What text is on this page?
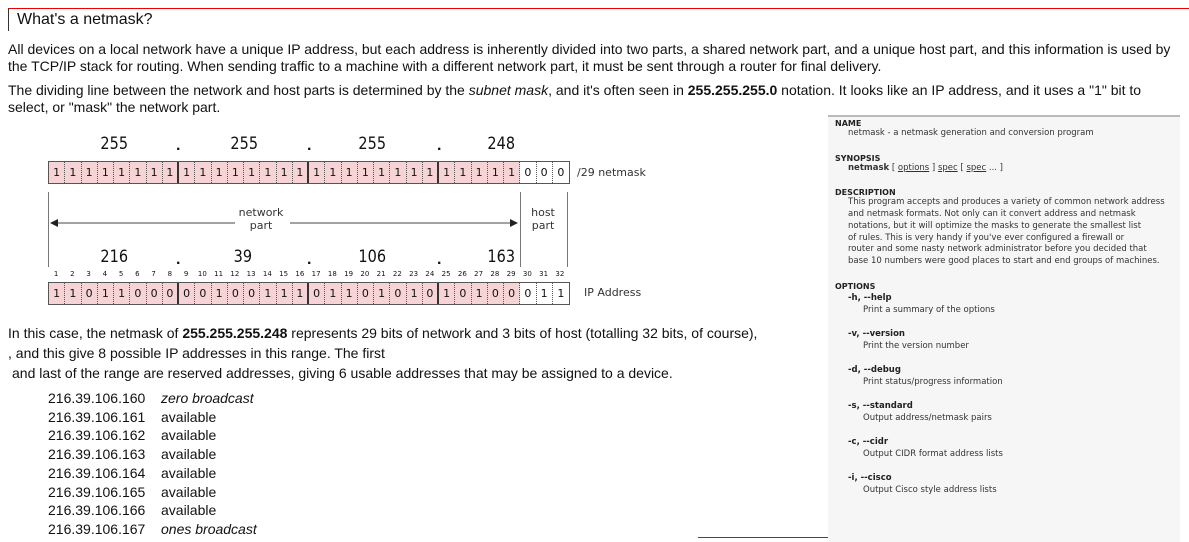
What's a netmask?
All devices on a local network have a unique IP address, but each address is inherently divided into two parts, a shared network part, and a unique host part, and this information is used by the TCP/IP stack for routing. When sending traffic to a machine with a different network part, it must be sent through a router for final delivery.
The dividing line between the network and host parts is determined by the subnet mask, and it's often seen in 255.255.255.0 notation. It looks like an IP address, and it uses a "1" bit to select, or "mask" the network part.
255	.	255	.	255	.	248
1 1 1 1 1 1 1 1 1 1 1 1 1 1 1 1 1 1 1 1 1 1 1 1 1 1 1 1 1 0 0 0	/29 netmask
network
part
host
part
216	.	39	.	106	.	163
1	2	3	4	5	6	7	8	9	10	11	12	13	14	15	16	17	18	19	20	21	22	23	24	25	26	27	28	29	30	31	32
1 1 0 1 1 0 0 0 0 0 1 0 0 1 1 1 0 1 1 0 1 0 1 0 1 0 1 0 0 0 1 1	IP Address
In this case, the netmask of 255.255.255.248 represents 29 bits of network and 3 bits of host (totalling 32 bits, of course),
, and this give 8 possible IP addresses in this range. The first
and last of the range are reserved addresses, giving 6 usable addresses that may be assigned to a device.
216.39.106.160 zero broadcast
216.39.106.161 available
216.39.106.162 available
216.39.106.163 available
216.39.106.164 available
216.39.106.165 available
216.39.106.166 available
216.39.106.167 ones broadcast
NAME
netmask - a netmask generation and conversion program
SYNOPSIS
netmask [ options ] spec [ spec ... ]
DESCRIPTION
This program accepts and produces a variety of common network address
and netmask formats. Not only can it convert address and netmask
notations, but it will optimize the masks to generate the smallest list
of rules. This is very handy if you've ever configured a firewall or
router and some nasty network administrator before you decided that
base 10 numbers were good places to start and end groups of machines.
OPTIONS
-h, --help
Print a summary of the options
-v, --version
Print the version number
-d, --debug
Print status/progress information
-s, --standard
Output address/netmask pairs
-c, --cidr
Output CIDR format address lists
-i, --cisco
Output Cisco style address lists
